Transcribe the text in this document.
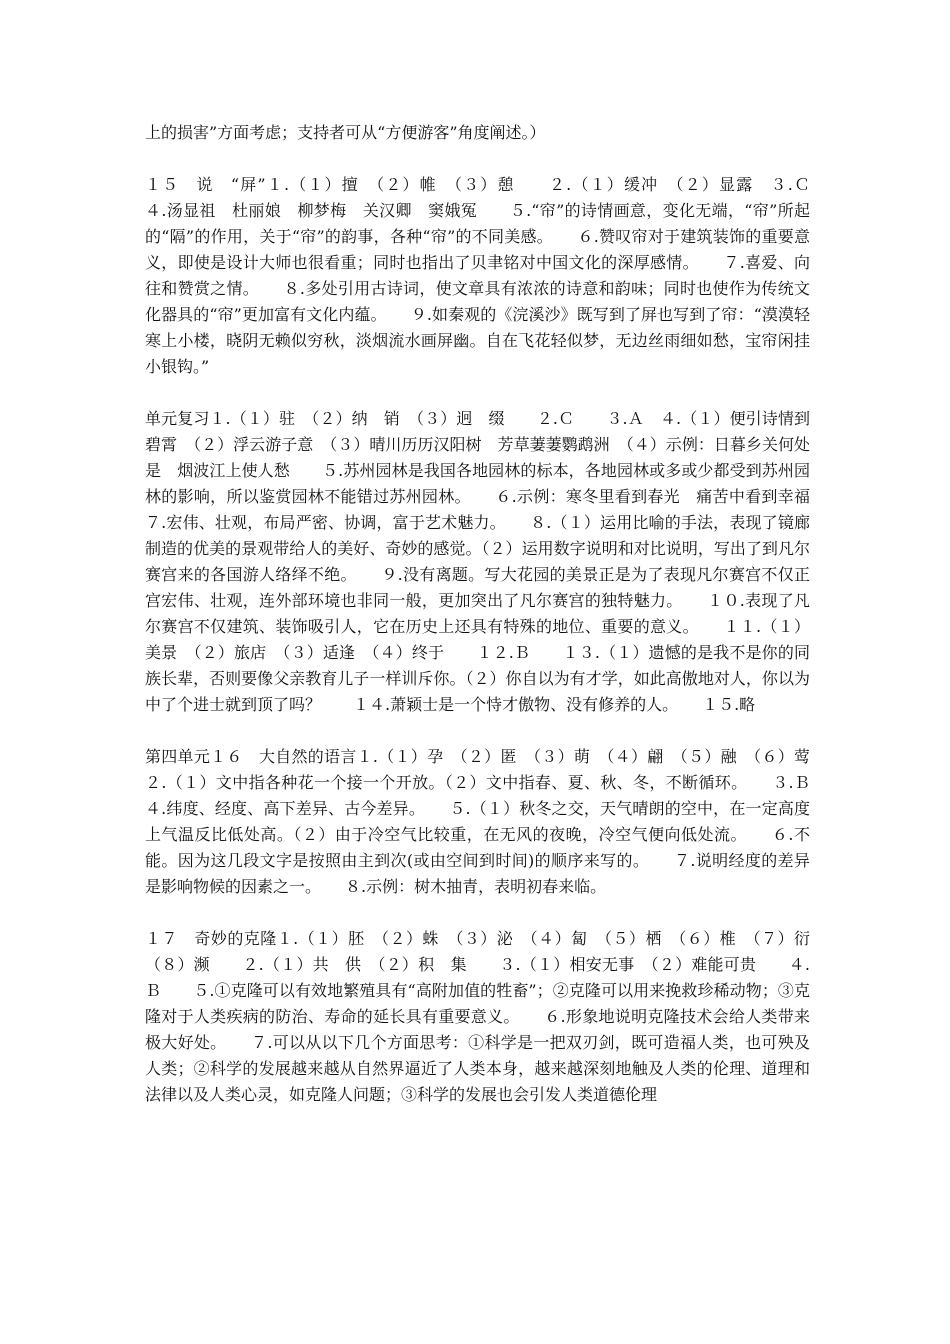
上的损害”方面考虑；支持者可从“方便游客”角度阐述。）

１５　说　“屏”１.（１）擅　（２）帷　（３）憩　　２.（１）缓冲　（２）显露　３.Ｃ　　４.汤显祖　杜丽娘　柳梦梅　关汉卿　窦娥冤　　５.“帘”的诗情画意，变化无端，“帘”所起的“隔”的作用，关于“帘”的韵事，各种“帘”的不同美感。　　６.赞叹帘对于建筑装饰的重要意义，即使是设计大师也很看重；同时也指出了贝聿铭对中国文化的深厚感情。　　７.喜爱、向往和赞赏之情。　　８.多处引用古诗词，使文章具有浓浓的诗意和韵味；同时也使作为传统文化器具的“帘”更加富有文化内蕴。　　９.如秦观的《浣溪沙》既写到了屏也写到了帘：“漠漠轻寒上小楼，晓阴无赖似穷秋，淡烟流水画屏幽。自在飞花轻似梦，无边丝雨细如愁，宝帘闲挂小银钩。”

单元复习１.（１）驻　（２）纳　销　（３）迥　缀　　２.Ｃ　　３.Ａ　４.（１）便引诗情到碧霄　（２）浮云游子意　（３）晴川历历汉阳树　芳草萋萋鹦鹉洲　（４）示例：日暮乡关何处是　烟波江上使人愁　　５.苏州园林是我国各地园林的标本，各地园林或多或少都受到苏州园林的影响，所以鉴赏园林不能错过苏州园林。　　６.示例：寒冬里看到春光　痛苦中看到幸福　　７.宏伟、壮观，布局严密、协调，富于艺术魅力。　　８.（１）运用比喻的手法，表现了镜廊制造的优美的景观带给人的美好、奇妙的感觉。（２）运用数字说明和对比说明，写出了到凡尔赛宫来的各国游人络绎不绝。　　９.没有离题。写大花园的美景正是为了表现凡尔赛宫不仅正宫宏伟、壮观，连外部环境也非同一般，更加突出了凡尔赛宫的独特魅力。　　１０.表现了凡尔赛宫不仅建筑、装饰吸引人，它在历史上还具有特殊的地位、重要的意义。　　１１.（１）美景　（２）旅店　（３）适逢　（４）终于　　１２.Ｂ　　１３.（１）遗憾的是我不是你的同族长辈，否则要像父亲教育儿子一样训斥你。（２）你自以为有才学，如此高傲地对人，你以为中了个进士就到顶了吗？　　１４.萧颖士是一个恃才傲物、没有修养的人。　　１５.略

第四单元１６　大自然的语言１.（１）孕　（２）匿　（３）萌　（４）翩　（５）融　（６）莺　　２.（１）文中指各种花一个接一个开放。（２）文中指春、夏、秋、冬，不断循环。　　３.Ｂ　　４.纬度、经度、高下差异、古今差异。　　５.（１）秋冬之交，天气晴朗的空中，在一定高度上气温反比低处高。（２）由于冷空气比较重，在无风的夜晚，冷空气便向低处流。　　６.不能。因为这几段文字是按照由主到次(或由空间到时间)的顺序来写的。　　７.说明经度的差异是影响物候的因素之一。　　８.示例：树木抽青，表明初春来临。

１７　奇妙的克隆１.（１）胚　（２）蛛　（３）泌　（４）匐　（５）栖　（６）椎　（７）衍　（８）濒　　２.（１）共　供　（２）积　集　　３.（１）相安无事　（２）难能可贵　　４.Ｂ　　５.①克隆可以有效地繁殖具有“高附加值的牲畜”；②克隆可以用来挽救珍稀动物；③克隆对于人类疾病的防治、寿命的延长具有重要意义。　　６.形象地说明克隆技术会给人类带来极大好处。　　７.可以从以下几个方面思考：①科学是一把双刃剑，既可造福人类，也可殃及人类；②科学的发展越来越从自然界逼近了人类本身，越来越深刻地触及人类的伦理、道理和法律以及人类心灵，如克隆人问题；③科学的发展也会引发人类道德伦理
